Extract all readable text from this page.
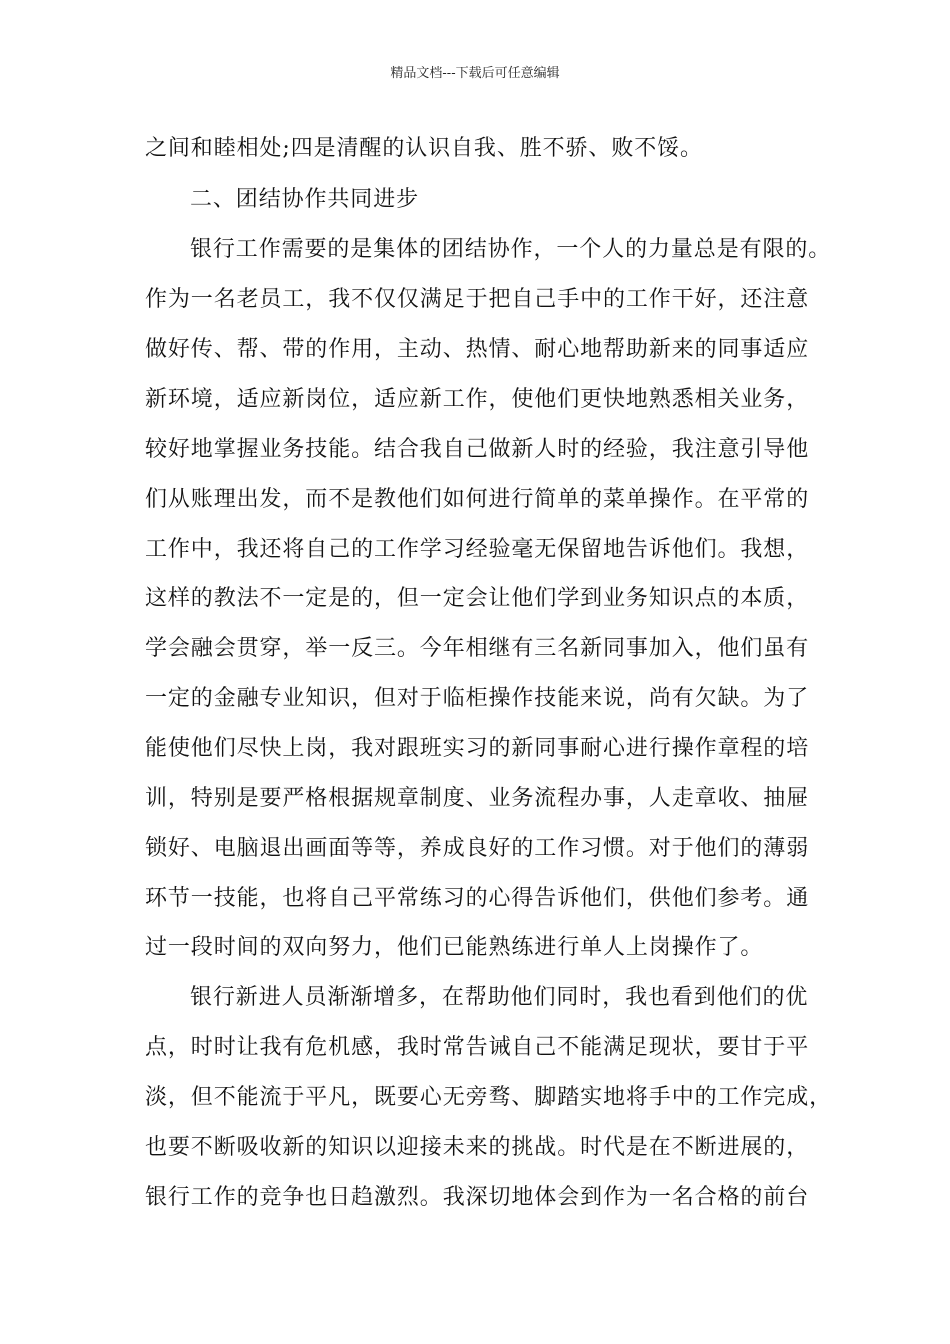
精品文档---下载后可任意编辑
之间和睦相处;四是清醒的认识自我、胜不骄、败不馁。
二、团结协作共同进步
银行工作需要的是集体的团结协作，一个人的力量总是有限的。
作为一名老员工，我不仅仅满足于把自己手中的工作干好，还注意
做好传、帮、带的作用，主动、热情、耐心地帮助新来的同事适应
新环境，适应新岗位，适应新工作，使他们更快地熟悉相关业务，
较好地掌握业务技能。结合我自己做新人时的经验，我注意引导他
们从账理出发，而不是教他们如何进行简单的菜单操作。在平常的
工作中，我还将自己的工作学习经验毫无保留地告诉他们。我想，
这样的教法不一定是的，但一定会让他们学到业务知识点的本质，
学会融会贯穿，举一反三。今年相继有三名新同事加入，他们虽有
一定的金融专业知识，但对于临柜操作技能来说，尚有欠缺。为了
能使他们尽快上岗，我对跟班实习的新同事耐心进行操作章程的培
训，特别是要严格根据规章制度、业务流程办事，人走章收、抽屉
锁好、电脑退出画面等等，养成良好的工作习惯。对于他们的薄弱
环节一技能，也将自己平常练习的心得告诉他们，供他们参考。通
过一段时间的双向努力，他们已能熟练进行单人上岗操作了。
银行新进人员渐渐增多，在帮助他们同时，我也看到他们的优
点，时时让我有危机感，我时常告诫自己不能满足现状，要甘于平
淡，但不能流于平凡，既要心无旁骛、脚踏实地将手中的工作完成，
也要不断吸收新的知识以迎接未来的挑战。时代是在不断进展的，
银行工作的竞争也日趋激烈。我深切地体会到作为一名合格的前台
